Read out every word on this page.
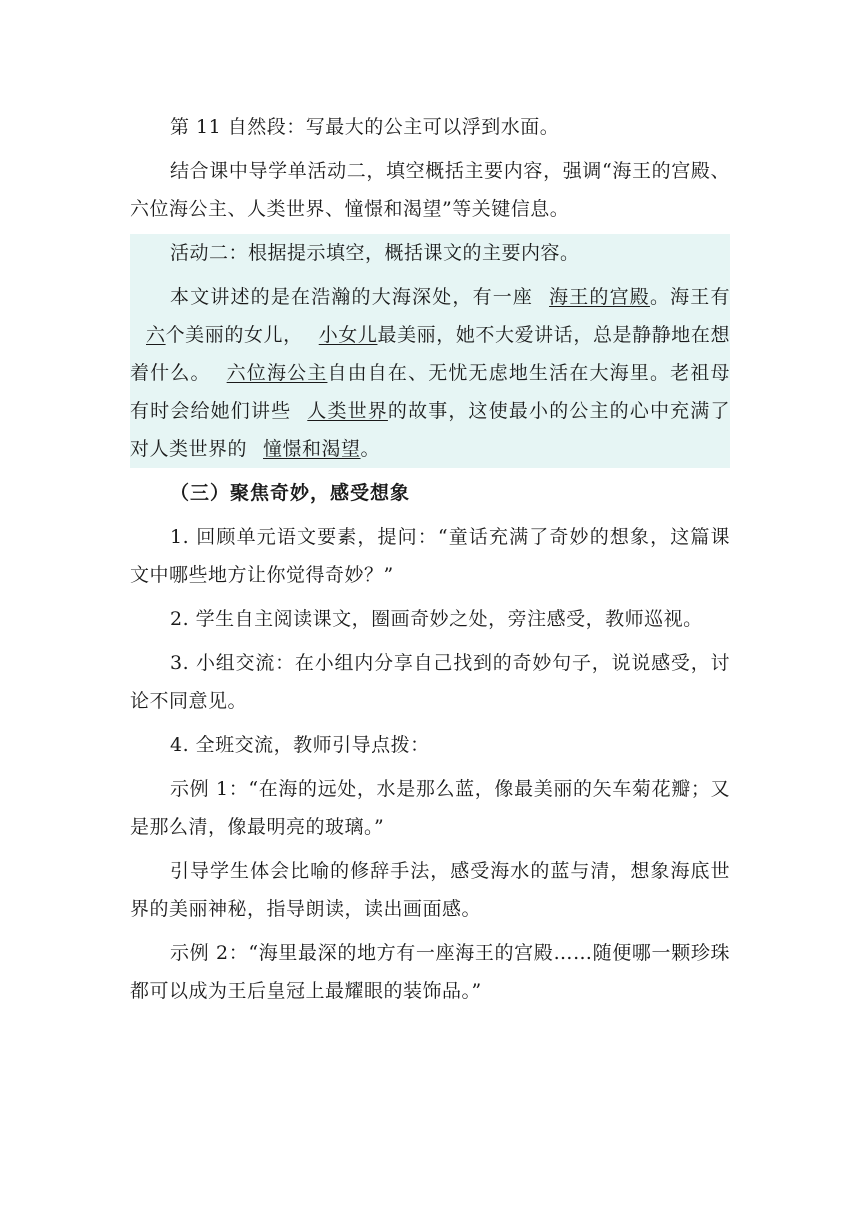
第 11 自然段：写最大的公主可以浮到水面。

结合课中导学单活动二，填空概括主要内容，强调“海王的宫殿、六位海公主、人类世界、憧憬和渴望”等关键信息。

活动二：根据提示填空，概括课文的主要内容。

本文讲述的是在浩瀚的大海深处，有一座 海王的宫殿。海王有六个美丽的女儿， 小女儿最美丽，她不大爱讲话，总是静静地在想着什么。 六位海公主自由自在、无忧无虑地生活在大海里。老祖母有时会给她们讲些 人类世界的故事，这使最小的公主的心中充满了对人类世界的 憧憬和渴望。

（三）聚焦奇妙，感受想象

1. 回顾单元语文要素，提问：“童话充满了奇妙的想象，这篇课文中哪些地方让你觉得奇妙？”

2. 学生自主阅读课文，圈画奇妙之处，旁注感受，教师巡视。

3. 小组交流：在小组内分享自己找到的奇妙句子，说说感受，讨论不同意见。

4. 全班交流，教师引导点拨：

示例 1：“在海的远处，水是那么蓝，像最美丽的矢车菊花瓣；又是那么清，像最明亮的玻璃。”

引导学生体会比喻的修辞手法，感受海水的蓝与清，想象海底世界的美丽神秘，指导朗读，读出画面感。

示例 2：“海里最深的地方有一座海王的宫殿……随便哪一颗珍珠都可以成为王后皇冠上最耀眼的装饰品。”
